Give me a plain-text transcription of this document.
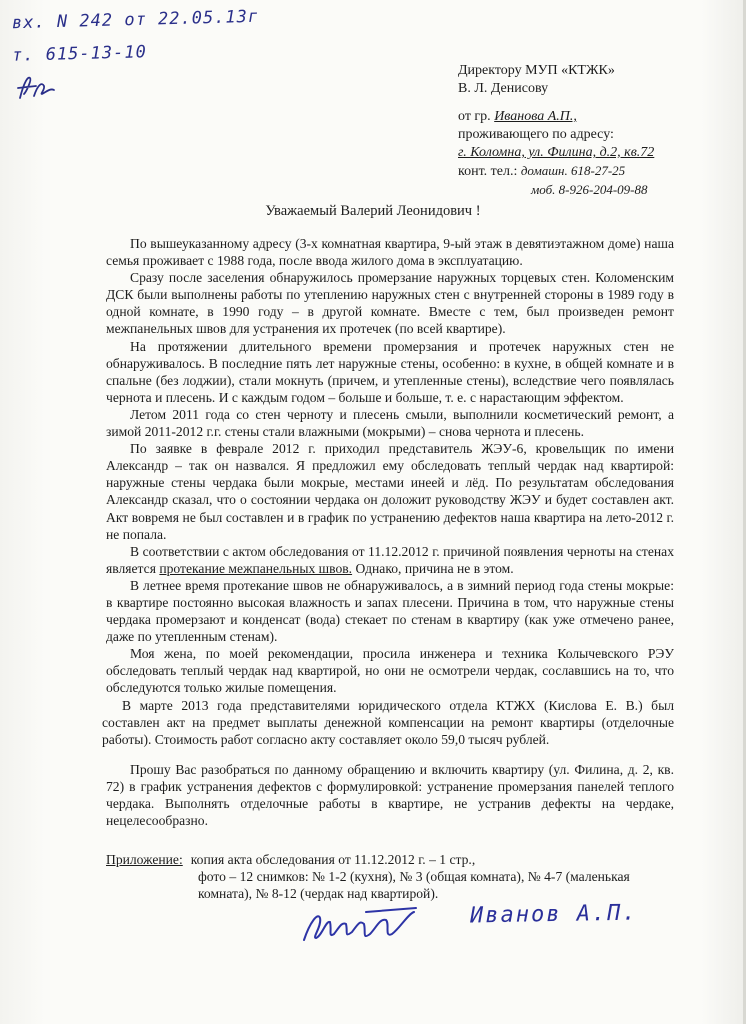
вх. N 242 от 22.05.13г
т. 615-13-10
Директору МУП «КТЖК»
В. Л. Денисову
от гр. Иванова А.П.,
проживающего по адресу:
г. Коломна, ул. Филина, д.2, кв.72
конт. тел.: домашн. 618-27-25
моб. 8-926-204-09-88
Уважаемый Валерий Леонидович !

По вышеуказанному адресу (3-х комнатная квартира, 9-ый этаж в девятиэтажном доме) наша семья проживает с 1988 года, после ввода жилого дома в эксплуатацию.

Сразу после заселения обнаружилось промерзание наружных торцевых стен. Коломенским ДСК были выполнены работы по утеплению наружных стен с внутренней стороны в 1989 году в одной комнате, в 1990 году – в другой комнате. Вместе с тем, был произведен ремонт межпанельных швов для устранения их протечек (по всей квартире).

На протяжении длительного времени промерзания и протечек наружных стен не обнаруживалось. В последние пять лет наружные стены, особенно: в кухне, в общей комнате и в спальне (без лоджии), стали мокнуть (причем, и утепленные стены), вследствие чего появлялась чернота и плесень. И с каждым годом – больше и больше, т. е. с нарастающим эффектом.

Летом 2011 года со стен черноту и плесень смыли, выполнили косметический ремонт, а зимой 2011-2012 г.г. стены стали влажными (мокрыми) – снова чернота и плесень.

По заявке в феврале 2012 г. приходил представитель ЖЭУ-6, кровельщик по имени Александр – так он назвался. Я предложил ему обследовать теплый чердак над квартирой: наружные стены чердака были мокрые, местами инеей и лёд. По результатам обследования Александр сказал, что о состоянии чердака он доложит руководству ЖЭУ и будет составлен акт. Акт вовремя не был составлен и в график по устранению дефектов наша квартира на лето-2012 г. не попала.

В соответствии с актом обследования от 11.12.2012 г. причиной появления черноты на стенах является протекание межпанельных швов. Однако, причина не в этом.

В летнее время протекание швов не обнаруживалось, а в зимний период года стены мокрые: в квартире постоянно высокая влажность и запах плесени. Причина в том, что наружные стены чердака промерзают и конденсат (вода) стекает по стенам в квартиру (как уже отмечено ранее, даже по утепленным стенам).

Моя жена, по моей рекомендации, просила инженера и техника Колычевского РЭУ обследовать теплый чердак над квартирой, но они не осмотрели чердак, сославшись на то, что обследуются только жилые помещения.

В марте 2013 года представителями юридического отдела КТЖХ (Кислова Е. В.) был составлен акт на предмет выплаты денежной компенсации на ремонт квартиры (отделочные работы). Стоимость работ согласно акту составляет около 59,0 тысяч рублей.

Прошу Вас разобраться по данному обращению и включить квартиру (ул. Филина, д. 2, кв. 72) в график устранения дефектов с формулировкой: устранение промерзания панелей теплого чердака. Выполнять отделочные работы в квартире, не устранив дефекты на чердаке, нецелесообразно.

Приложение: копия акта обследования от 11.12.2012 г. – 1 стр.,
фото – 12 снимков: № 1-2 (кухня), № 3 (общая комната), № 4-7 (маленькая комната), № 8-12 (чердак над квартирой).
Иванов А.П.
